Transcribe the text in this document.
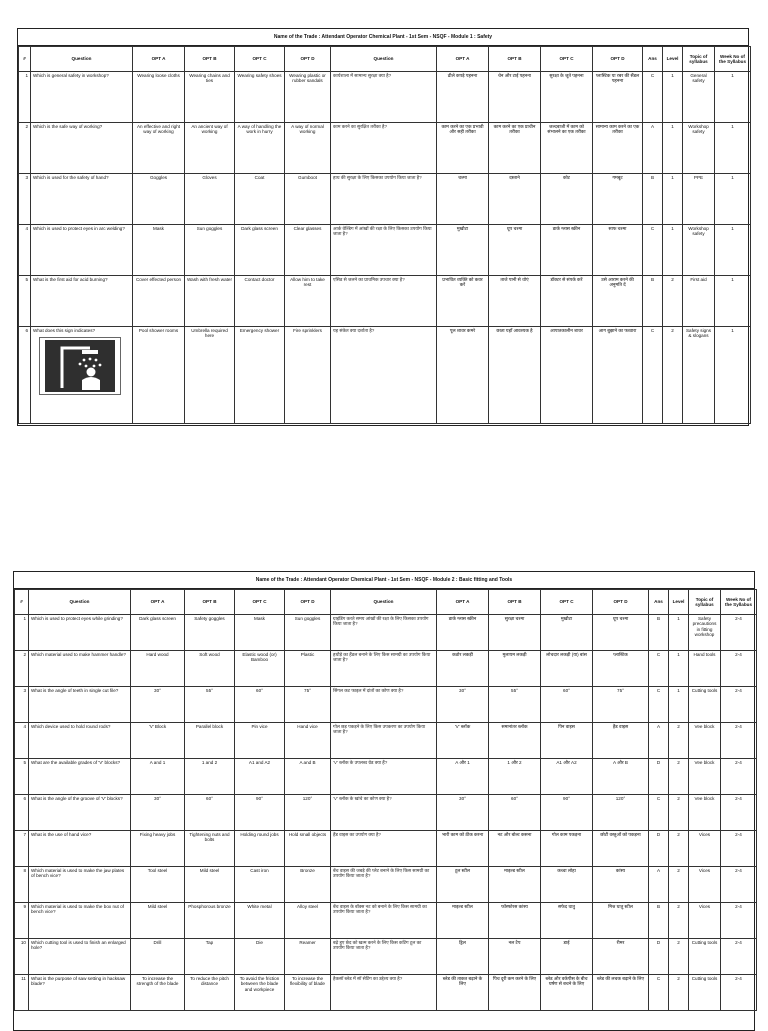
Name of the Trade : Attendant Operator Chemical Plant - 1st Sem - NSQF - Module 1 : Safety
#	Question	OPT A	OPT B	OPT C	OPT D	Question	OPT A	OPT B	OPT C	OPT D	Ans	Level	Topic of syllabus	Week No of the Syllabus
1	Which is general safety in workshop?	Wearing loose cloths	Wearing chains and ties	Wearing safety shoes	Wearing plastic or rubber sandals	कार्यशाला में सामान्य सुरक्षा क्या है?	ढीले कपड़े पहनना	चेन और टाई पहनना	सुरक्षा के जूते पहनना	प्लास्टिक या रबर की सैंडल पहनना	C	1	General safety	1
2	Which is the safe way of working?	An effective and right way of working	An ancient way of working	A way of handling the work in hurry	A way of normal working	काम करने का सुरक्षित तरीका है?	काम करने का एक प्रभावी और सही तरीका	काम करने का एक प्राचीन तरीका	जल्दबाजी में काम को संभालने का एक तरीका	सामान्य काम करने का एक तरीका	A	1	Workshop safety	1
3	Which is used for the safety of hand?	Goggles	Gloves	Coat	Gumboot	हाथ की सुरक्षा के लिए किसका उपयोग किया जाता है?	चश्मा	दस्ताने	कोट	गमबूट	B	1	PPE	1
4	Which is used to protect eyes in arc welding?	Mask	Sun goggles	Dark glass screen	Clear glasses	आर्क वेल्डिंग में आंखों की रक्षा के लिए किसका उपयोग किया जाता है?	मुखौटा	धूप चश्मा	डार्क ग्लास स्क्रीन	साफ चश्मा	C	1	Workshop safety	1
5	What is the first aid for acid burning?	Cover effected person	Wash with fresh water	Contact doctor	Allow him to take rest	एसिड से जलने का प्राथमिक उपचार क्या है?	प्रभावित व्यक्ति को कवर करें	ताजे पानी से धोएं	डॉक्टर से संपर्क करें	उसे आराम करने की अनुमति दें	B	2	First aid	1
6	What does this sign indicates?	Pool shower rooms	Umbrella required here	Emergency shower	Fire sprinklers	यह संकेत क्या दर्शाता है?	पूल शावर कमरे	छाता यहाँ आवश्यक है	आपातकालीन शावर	आग बुझाने का फव्वारा	C	2	Safety signs & slogans	1
Name of the Trade : Attendant Operator Chemical Plant - 1st Sem - NSQF - Module 2 : Basic fitting and Tools
#	Question	OPT A	OPT B	OPT C	OPT D	Question	OPT A	OPT B	OPT C	OPT D	Ans	Level	Topic of syllabus	Week No of the Syllabus
1	Which is used to protect eyes while grinding?	Dark glass screen	Safety goggles	Mask	Sun goggles	ग्राइंडिंग करते समय आंखों की रक्षा के लिए किसका उपयोग किया जाता है?	डार्क ग्लास स्क्रीन	सुरक्षा चश्मा	मुखौटा	धूप चश्मा	B	1	Safety precautions in fitting workshop	2-4
2	Which material used to make hammer handle?	Hard wood	Soft wood	Elastic wood (or) Bamboo	Plastic	हथौड़े का हैंडल बनाने के लिए किस सामग्री का उपयोग किया जाता है?	कठोर लकड़ी	मुलायम लकड़ी	लोचदार लकड़ी (या) बांस	प्लास्टिक	C	1	Hand tools	2-4
3	What is the angle of teeth in single cut file?	30°	55°	60°	75°	सिंगल कट फाइल में दांतों का कोण क्या है?	30°	55°	60°	75°	C	1	Cutting tools	2-4
4	Which device used to hold round rods?	'V' Block	Parallel block	Pin vice	Hand vice	गोल छड़ पकड़ने के लिए किस उपकरण का उपयोग किया जाता है?	'V' ब्लॉक	समानांतर ब्लॉक	पिन वाइस	हैंड वाइस	A	2	Vee block	2-4
5	What are the available grades of 'V' blocks?	A and 1	1 and 2	A1 and A2	A and B	'V' ब्लॉक के उपलब्ध ग्रेड क्या हैं?	A और 1	1 और 2	A1 और A2	A और B	D	2	Vee block	2-4
6	What is the angle of the groove of 'V' blocks?	30°	60°	90°	120°	'V' ब्लॉक के खांचे का कोण क्या है?	30°	60°	90°	120°	C	2	Vee block	2-4
7	What is the use of hand vice?	Fixing heavy jobs	Tightening nuts and bolts	Holding round jobs	Hold small objects	हैंड वाइस का उपयोग क्या है?	भारी काम को ठीक करना	नट और बोल्ट कसना	गोल काम पकड़ना	छोटी वस्तुओं को पकड़ना	D	2	Vices	2-4
8	Which material is used to make the jaw plates of bench vice?	Tool steel	Mild steel	Cast iron	Bronze	बेंच वाइस की जबड़े की प्लेट बनाने के लिए किस सामग्री का उपयोग किया जाता है?	टूल स्टील	माइल्ड स्टील	कच्चा लोहा	कांस्य	A	2	Vices	2-4
9	Which material is used to make the box nut of bench vice?	Mild steel	Phosphorous bronze	White metal	Alloy steel	बेंच वाइस के बॉक्स नट को बनाने के लिए किस सामग्री का उपयोग किया जाता है?	माइल्ड स्टील	फॉस्फोरस कांस्य	सफेद धातु	मिश्र धातु स्टील	B	2	Vices	2-4
10	Which cutting tool is used to finish an enlarged hole?	Drill	Tap	Die	Reamer	बढ़े हुए छेद को खत्म करने के लिए किस कटिंग टूल का उपयोग किया जाता है?	ड्रिल	नल टैप	डाई	रीमर	D	2	Cutting tools	2-4
11	What is the purpose of saw setting in hacksaw blade?	To increase the strength of the blade	To reduce the pitch distance	To avoid the friction between the blade and workpiece	To increase the flexibility of blade	हैकसॉ ब्लेड में सॉ सेटिंग का उद्देश्य क्या है?	ब्लेड की ताकत बढ़ाने के लिए	पिच दूरी कम करने के लिए	ब्लेड और वर्कपीस के बीच घर्षण से बचने के लिए	ब्लेड की लचक बढ़ाने के लिए	C	2	Cutting tools	2-4
